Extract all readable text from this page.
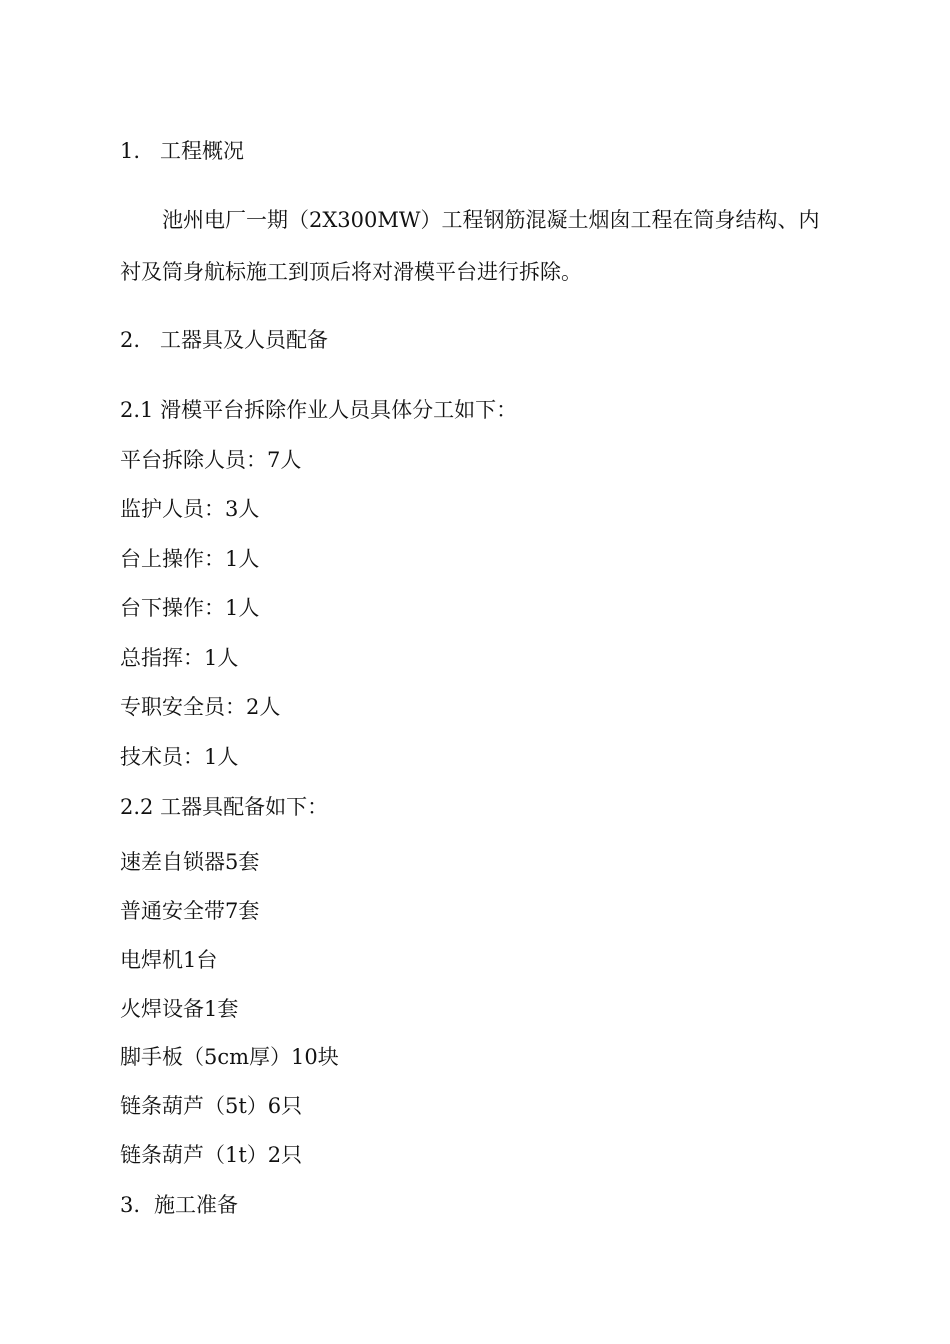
1. 工程概况
池州电厂一期（2X300MW）工程钢筋混凝土烟囱工程在筒身结构、内
衬及筒身航标施工到顶后将对滑模平台进行拆除。
2. 工器具及人员配备
2.1 滑模平台拆除作业人员具体分工如下：
平台拆除人员：7人
监护人员：3人
台上操作：1人
台下操作：1人
总指挥：1人
专职安全员：2人
技术员：1人
2.2 工器具配备如下：
速差自锁器5套
普通安全带7套
电焊机1台
火焊设备1套
脚手板（5cm厚）10块
链条葫芦（5t）6只
链条葫芦（1t）2只
3. 施工准备
